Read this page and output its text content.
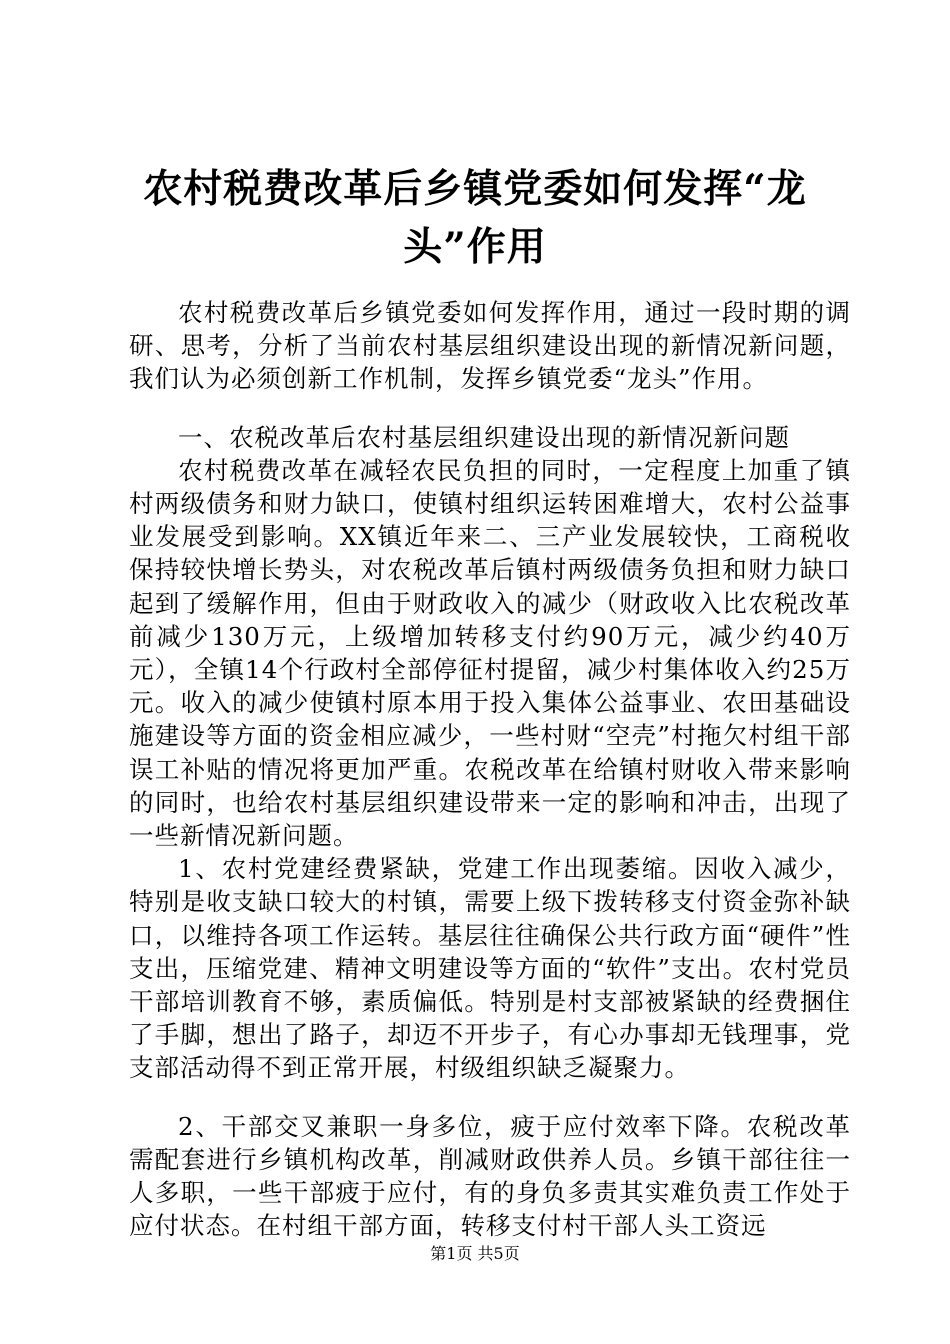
农村税费改革后乡镇党委如何发挥“龙头”作用

农村税费改革后乡镇党委如何发挥作用，通过一段时期的调研、思考，分析了当前农村基层组织建设出现的新情况新问题，我们认为必须创新工作机制，发挥乡镇党委“龙头”作用。

一、农税改革后农村基层组织建设出现的新情况新问题

农村税费改革在减轻农民负担的同时，一定程度上加重了镇村两级债务和财力缺口，使镇村组织运转困难增大，农村公益事业发展受到影响。XX镇近年来二、三产业发展较快，工商税收保持较快增长势头，对农税改革后镇村两级债务负担和财力缺口起到了缓解作用，但由于财政收入的减少（财政收入比农税改革前减少130万元，上级增加转移支付约90万元，减少约40万元），全镇14个行政村全部停征村提留，减少村集体收入约25万元。收入的减少使镇村原本用于投入集体公益事业、农田基础设施建设等方面的资金相应减少，一些村财“空壳”村拖欠村组干部误工补贴的情况将更加严重。农税改革在给镇村财收入带来影响的同时，也给农村基层组织建设带来一定的影响和冲击，出现了一些新情况新问题。

1、农村党建经费紧缺，党建工作出现萎缩。因收入减少，特别是收支缺口较大的村镇，需要上级下拨转移支付资金弥补缺口，以维持各项工作运转。基层往往确保公共行政方面“硬件”性支出，压缩党建、精神文明建设等方面的“软件”支出。农村党员干部培训教育不够，素质偏低。特别是村支部被紧缺的经费捆住了手脚，想出了路子，却迈不开步子，有心办事却无钱理事，党支部活动得不到正常开展，村级组织缺乏凝聚力。

2、干部交叉兼职一身多位，疲于应付效率下降。农税改革需配套进行乡镇机构改革，削减财政供养人员。乡镇干部往往一人多职，一些干部疲于应付，有的身负多责其实难负责工作处于应付状态。在村组干部方面，转移支付村干部人头工资远

第1页 共5页
